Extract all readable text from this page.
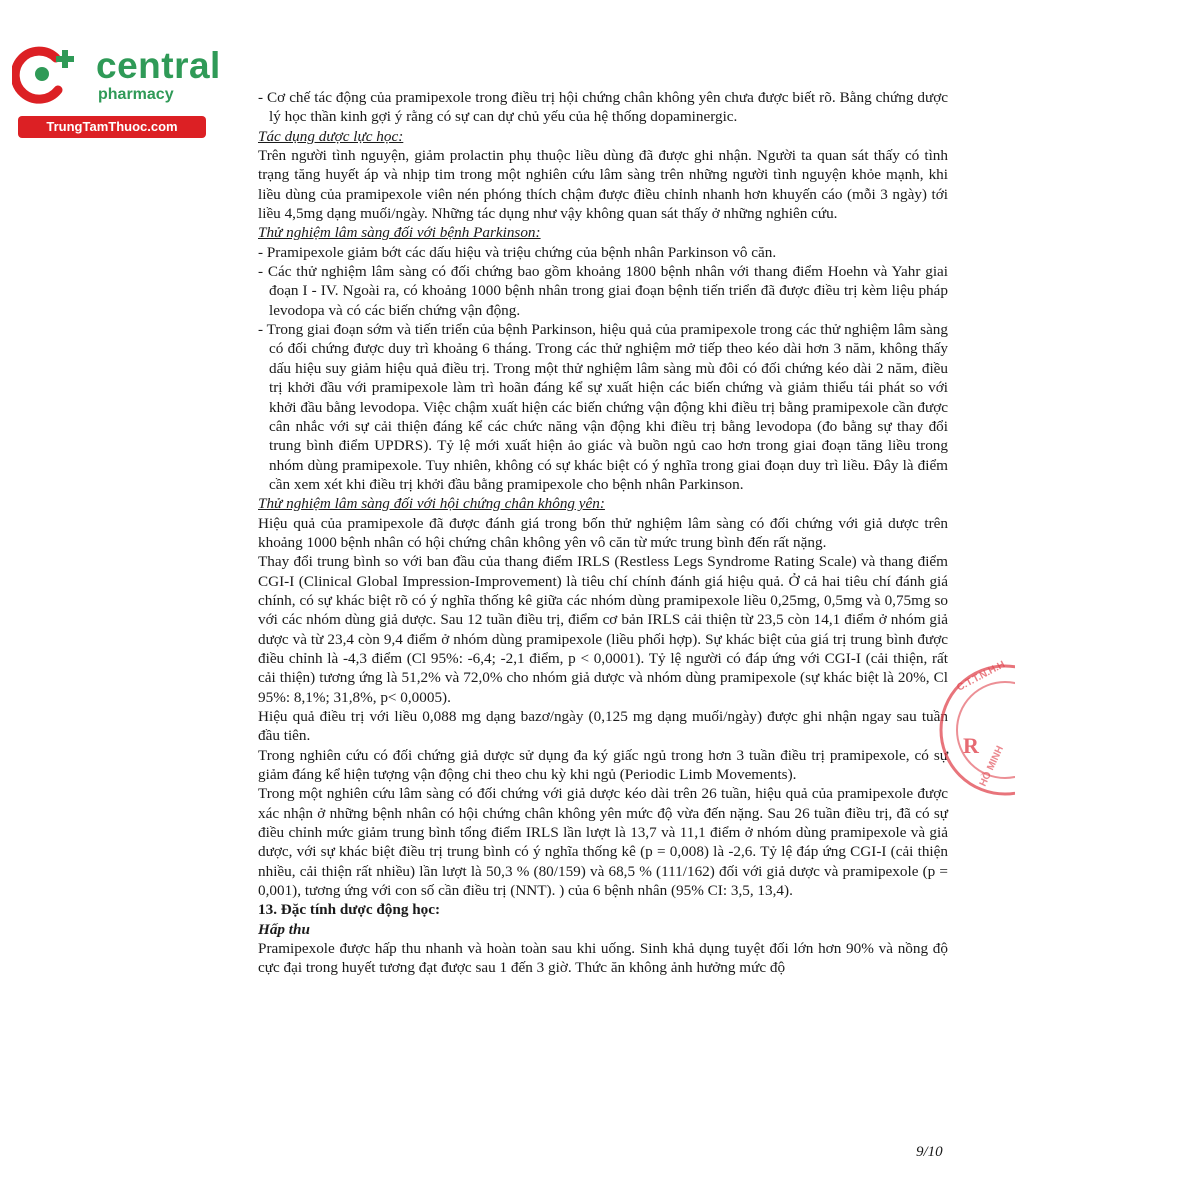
central
pharmacy
TrungTamThuoc.com

- Cơ chế tác động của pramipexole trong điều trị hội chứng chân không yên chưa được biết rõ. Bằng chứng dược lý học thần kinh gợi ý rằng có sự can dự chủ yếu của hệ thống dopaminergic.

Tác dụng dược lực học:

Trên người tình nguyện, giảm prolactin phụ thuộc liều dùng đã được ghi nhận. Người ta quan sát thấy có tình trạng tăng huyết áp và nhịp tim trong một nghiên cứu lâm sàng trên những người tình nguyện khỏe mạnh, khi liều dùng của pramipexole viên nén phóng thích chậm được điều chỉnh nhanh hơn khuyến cáo (mỗi 3 ngày) tới liều 4,5mg dạng muối/ngày. Những tác dụng như vậy không quan sát thấy ở những nghiên cứu.

Thử nghiệm lâm sàng đối với bệnh Parkinson:

- Pramipexole giảm bớt các dấu hiệu và triệu chứng của bệnh nhân Parkinson vô căn.

- Các thử nghiệm lâm sàng có đối chứng bao gồm khoảng 1800 bệnh nhân với thang điểm Hoehn và Yahr giai đoạn I - IV. Ngoài ra, có khoảng 1000 bệnh nhân trong giai đoạn bệnh tiến triển đã được điều trị kèm liệu pháp levodopa và có các biến chứng vận động.

- Trong giai đoạn sớm và tiến triển của bệnh Parkinson, hiệu quả của pramipexole trong các thử nghiệm lâm sàng có đối chứng được duy trì khoảng 6 tháng. Trong các thử nghiệm mở tiếp theo kéo dài hơn 3 năm, không thấy dấu hiệu suy giảm hiệu quả điều trị. Trong một thử nghiệm lâm sàng mù đôi có đối chứng kéo dài 2 năm, điều trị khởi đầu với pramipexole làm trì hoãn đáng kể sự xuất hiện các biến chứng và giảm thiểu tái phát so với khởi đầu bằng levodopa. Việc chậm xuất hiện các biến chứng vận động khi điều trị bằng pramipexole cần được cân nhắc với sự cải thiện đáng kể các chức năng vận động khi điều trị bằng levodopa (đo bằng sự thay đổi trung bình điểm UPDRS). Tỷ lệ mới xuất hiện ảo giác và buồn ngủ cao hơn trong giai đoạn tăng liều trong nhóm dùng pramipexole. Tuy nhiên, không có sự khác biệt có ý nghĩa trong giai đoạn duy trì liều. Đây là điểm cần xem xét khi điều trị khởi đầu bằng pramipexole cho bệnh nhân Parkinson.

Thử nghiệm lâm sàng đối với hội chứng chân không yên:

Hiệu quả của pramipexole đã được đánh giá trong bốn thử nghiệm lâm sàng có đối chứng với giả dược trên khoảng 1000 bệnh nhân có hội chứng chân không yên vô căn từ mức trung bình đến rất nặng.

Thay đổi trung bình so với ban đầu của thang điểm IRLS (Restless Legs Syndrome Rating Scale) và thang điểm CGI-I (Clinical Global Impression-Improvement) là tiêu chí chính đánh giá hiệu quả. Ở cả hai tiêu chí đánh giá chính, có sự khác biệt rõ có ý nghĩa thống kê giữa các nhóm dùng pramipexole liều 0,25mg, 0,5mg và 0,75mg so với các nhóm dùng giả dược. Sau 12 tuần điều trị, điểm cơ bản IRLS cải thiện từ 23,5 còn 14,1 điểm ở nhóm giả dược và từ 23,4 còn 9,4 điểm ở nhóm dùng pramipexole (liều phối hợp). Sự khác biệt của giá trị trung bình được điều chỉnh là -4,3 điểm (Cl 95%: -6,4; -2,1 điểm, p < 0,0001). Tỷ lệ người có đáp ứng với CGI-I (cải thiện, rất cải thiện) tương ứng là 51,2% và 72,0% cho nhóm giả dược và nhóm dùng pramipexole (sự khác biệt là 20%, Cl 95%: 8,1%; 31,8%, p< 0,0005).

Hiệu quả điều trị với liều 0,088 mg dạng bazơ/ngày (0,125 mg dạng muối/ngày) được ghi nhận ngay sau tuần đầu tiên.

Trong nghiên cứu có đối chứng giả dược sử dụng đa ký giấc ngủ trong hơn 3 tuần điều trị pramipexole, có sự giảm đáng kể hiện tượng vận động chi theo chu kỳ khi ngủ (Periodic Limb Movements).

Trong một nghiên cứu lâm sàng có đối chứng với giả dược kéo dài trên 26 tuần, hiệu quả của pramipexole được xác nhận ở những bệnh nhân có hội chứng chân không yên mức độ vừa đến nặng. Sau 26 tuần điều trị, đã có sự điều chỉnh mức giảm trung bình tổng điểm IRLS lần lượt là 13,7 và 11,1 điểm ở nhóm dùng pramipexole và giả dược, với sự khác biệt điều trị trung bình có ý nghĩa thống kê (p = 0,008) là -2,6. Tỷ lệ đáp ứng CGI-I (cải thiện nhiều, cải thiện rất nhiều) lần lượt là 50,3 % (80/159) và 68,5 % (111/162) đối với giả dược và pramipexole (p = 0,001), tương ứng với con số cần điều trị (NNT). ) của 6 bệnh nhân (95% CI: 3,5, 13,4).

13. Đặc tính dược động học:

Hấp thu

Pramipexole được hấp thu nhanh và hoàn toàn sau khi uống. Sinh khả dụng tuyệt đối lớn hơn 90% và nồng độ cực đại trong huyết tương đạt được sau 1 đến 3 giờ. Thức ăn không ảnh hưởng mức độ

C.T.T.N.H.H
R
HỒ MINH
9/10
